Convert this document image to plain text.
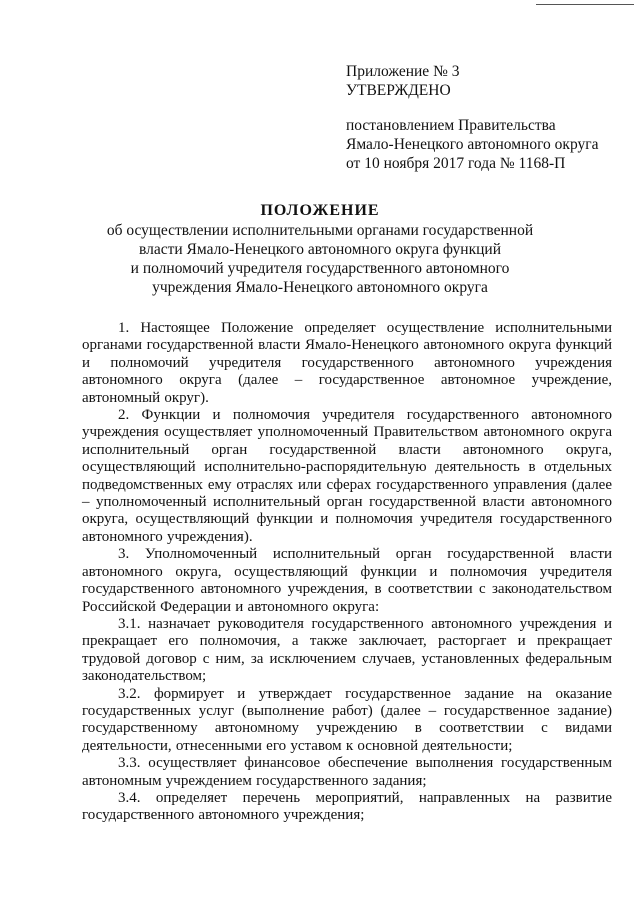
Приложение № 3
УТВЕРЖДЕНО
постановлением Правительства
Ямало-Ненецкого автономного округа
от 10 ноября 2017 года № 1168-П
ПОЛОЖЕНИЕ
об осуществлении исполнительными органами государственной
власти Ямало-Ненецкого автономного округа функций
и полномочий учредителя государственного автономного
учреждения Ямало-Ненецкого автономного округа

1. Настоящее Положение определяет осуществление исполнительными органами государственной власти Ямало-Ненецкого автономного округа функций и полномочий учредителя государственного автономного учреждения автономного округа (далее – государственное автономное учреждение, автономный округ).

2. Функции и полномочия учредителя государственного автономного учреждения осуществляет уполномоченный Правительством автономного округа исполнительный орган государственной власти автономного округа, осуществляющий исполнительно-распорядительную деятельность в отдельных подведомственных ему отраслях или сферах государственного управления (далее – уполномоченный исполнительный орган государственной власти автономного округа, осуществляющий функции и полномочия учредителя государственного автономного учреждения).

3. Уполномоченный исполнительный орган государственной власти автономного округа, осуществляющий функции и полномочия учредителя государственного автономного учреждения, в соответствии с законодательством Российской Федерации и автономного округа:

3.1. назначает руководителя государственного автономного учреждения и прекращает его полномочия, а также заключает, расторгает и прекращает трудовой договор с ним, за исключением случаев, установленных федеральным законодательством;

3.2. формирует и утверждает государственное задание на оказание государственных услуг (выполнение работ) (далее – государственное задание) государственному автономному учреждению в соответствии с видами деятельности, отнесенными его уставом к основной деятельности;

3.3. осуществляет финансовое обеспечение выполнения государственным автономным учреждением государственного задания;

3.4. определяет перечень мероприятий, направленных на развитие государственного автономного учреждения;
